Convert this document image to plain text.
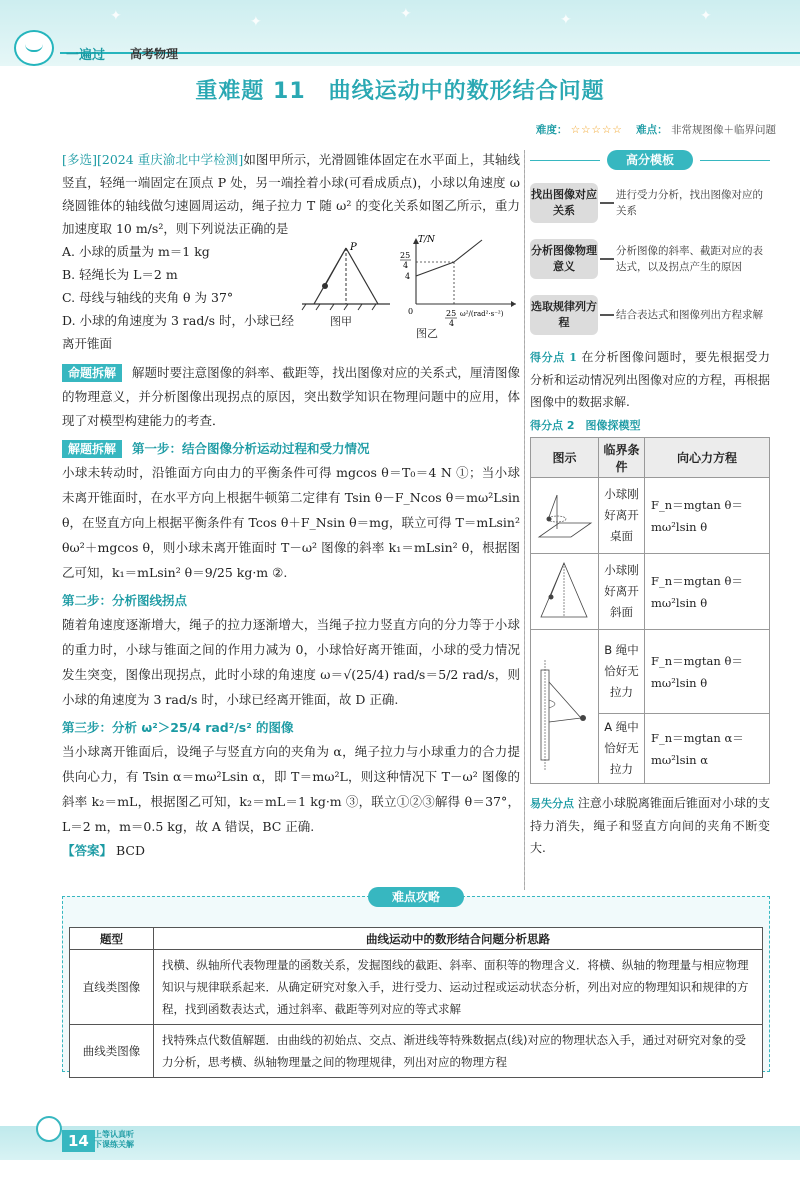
✦	✦	✦	✦	✦
一遍过 高考物理
重难题 11　曲线运动中的数形结合问题
难度： ☆☆☆☆☆ 难点： 非常规图像＋临界问题
[多选][2024 重庆渝北中学检测]如图甲所示，光滑圆锥体固定在水平面上，其轴线竖直，轻绳一端固定在顶点 P 处，另一端拴着小球(可看成质点)，小球以角速度 ω 绕圆锥体的轴线做匀速圆周运动，绳子拉力 T 随 ω² 的变化关系如图乙所示，重力加速度取 10 m/s²，则下列说法正确的是
A. 小球的质量为 m＝1 kg
B. 轻绳长为 L＝2 m
C. 母线与轴线的夹角 θ 为 37°
D. 小球的角速度为 3 rad/s 时，小球已经离开锥面
P
图甲
T/N
25
4
4
0	25
4
ω²/(rad²·s⁻²)
图乙
命题拆解 解题时要注意图像的斜率、截距等，找出图像对应的关系式，厘清图像的物理意义，并分析图像出现拐点的原因，突出数学知识在物理问题中的应用，体现了对模型构建能力的考查．
解题拆解 第一步：结合图像分析运动过程和受力情况
小球未转动时，沿锥面方向由力的平衡条件可得 mgcos θ＝T₀＝4 N ①；当小球未离开锥面时，在水平方向上根据牛顿第二定律有 Tsin θ－F_Ncos θ＝mω²Lsin θ，在竖直方向上根据平衡条件有 Tcos θ＋F_Nsin θ＝mg，联立可得 T＝mLsin² θω²＋mgcos θ，则小球未离开锥面时 T－ω² 图像的斜率 k₁＝mLsin² θ，根据图乙可知，k₁＝mLsin² θ＝9/25 kg·m ②.
第二步：分析图线拐点
随着角速度逐渐增大，绳子的拉力逐渐增大，当绳子拉力竖直方向的分力等于小球的重力时，小球与锥面之间的作用力减为 0，小球恰好离开锥面，小球的受力情况发生突变，图像出现拐点，此时小球的角速度 ω＝√(25/4) rad/s＝5/2 rad/s，则小球的角速度为 3 rad/s 时，小球已经离开锥面，故 D 正确.
第三步：分析 ω²＞25/4 rad²/s² 的图像
当小球离开锥面后，设绳子与竖直方向的夹角为 α，绳子拉力与小球重力的合力提供向心力，有 Tsin α＝mω²Lsin α，即 T＝mω²L，则这种情况下 T－ω² 图像的斜率 k₂＝mL，根据图乙可知，k₂＝mL＝1 kg·m ③，联立①②③解得 θ＝37°，L＝2 m，m＝0.5 kg，故 A 错误，BC 正确.
【答案】 BCD
高分模板
找出图像对应关系
进行受力分析，找出图像对应的关系
分析图像物理意义
分析图像的斜率、截距对应的表达式，以及拐点产生的原因
选取规律列方程
结合表达式和图像列出方程求解
得分点 1 在分析图像问题时，要先根据受力分析和运动情况列出图像对应的方程，再根据图像中的数据求解.
得分点 2　图像探模型
图示	临界条件	向心力方程
	小球刚好离开桌面	F_n＝mgtan θ＝
mω²lsin θ

	小球刚好离开斜面	F_n＝mgtan θ＝
mω²lsin θ

	B 绳中恰好无拉力	F_n＝mgtan θ＝
mω²lsin θ

	A 绳中恰好无拉力	F_n＝mgtan α＝
mω²lsin α
易失分点 注意小球脱离锥面后锥面对小球的支持力消失，绳子和竖直方向间的夹角不断变大.
难点攻略
题型	曲线运动中的数形结合问题分析思路
直线类图像	找横、纵轴所代表物理量的函数关系，发掘图线的截距、斜率、面积等的物理含义．将横、纵轴的物理量与相应物理知识与规律联系起来．从确定研究对象入手，进行受力、运动过程或运动状态分析，列出对应的物理知识和规律的方程，找到函数表达式，通过斜率、截距等列对应的等式求解
曲线类图像	找特殊点代数值解题．由曲线的初始点、交点、渐进线等特殊数据点(线)对应的物理状态入手，通过对研究对象的受力分析，思考横、纵轴物理量之间的物理规律，列出对应的物理方程
14 上等认真听
下课练关解
